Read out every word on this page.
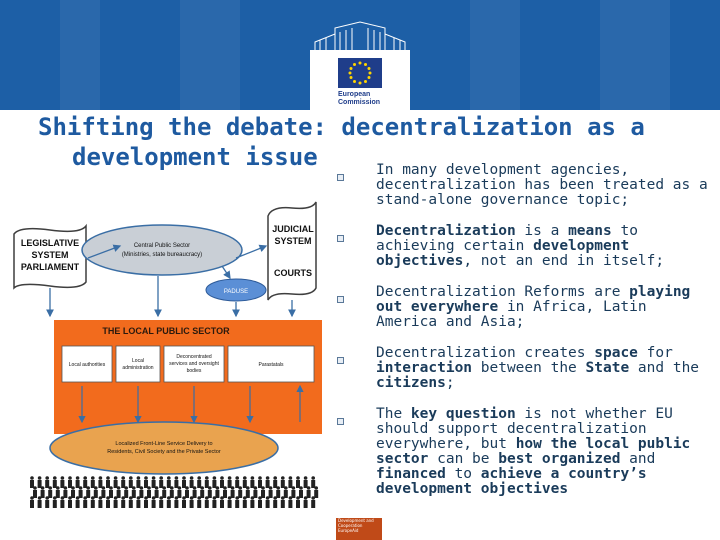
European
Commission
Shifting the debate: decentralization as a
development issue
LEGISLATIVE
SYSTEM
PARLIAMENT
JUDICIAL
SYSTEM
COURTS
Central Public Sector
(Ministries, state bureaucracy)
PADUSE
THE LOCAL PUBLIC SECTOR
Local authorities
Local
administration
Deconcentrated
services and oversight
bodies
Parastatals
Localized Front-Line Service Delivery to
Residents, Civil Society and the Private Sector
In many development agencies, decentralization has been treated as a stand-alone governance topic;
Decentralization is a means to achieving certain development objectives, not an end in itself;
Decentralization Reforms are playing out everywhere in Africa, Latin America and Asia;
Decentralization creates space for interaction between the State and the citizens;
The key question is not whether EU should support decentralization everywhere, but how the local public sector can be best organized and financed to achieve a country’s development objectives
Development and
Cooperation
EuropeAid
